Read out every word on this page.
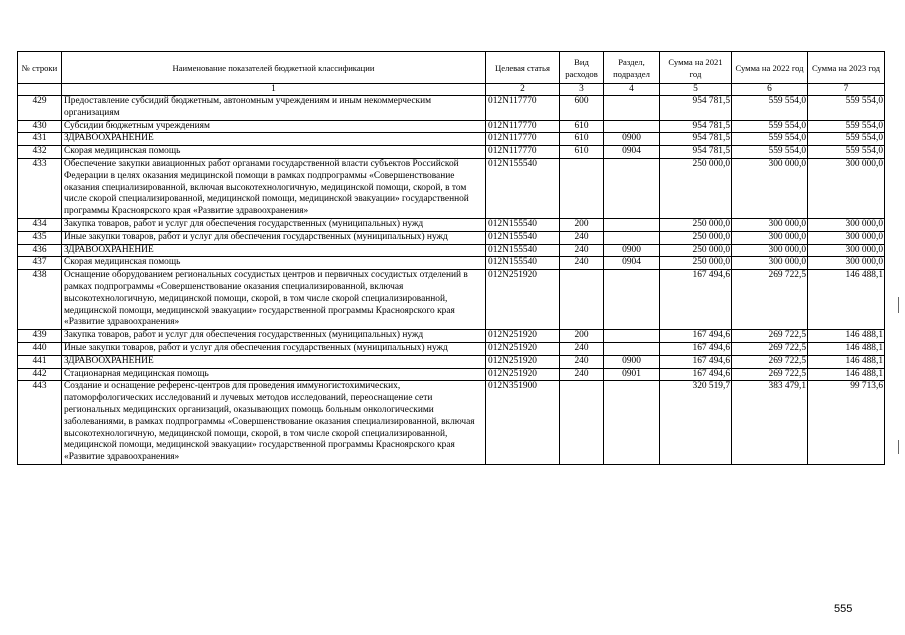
№ строки	Наименование показателей бюджетной классификации	Целевая статья	Вид расходов	Раздел, подраздел	Сумма на 2021 год	Сумма на 2022 год	Сумма на 2023 год
	1	2	3	4	5	6	7
429	Предоставление субсидий бюджетным, автономным учреждениям и иным некоммерческим организациям	012N117770	600		954 781,5	559 554,0	559 554,0
430	Субсидии бюджетным учреждениям	012N117770	610		954 781,5	559 554,0	559 554,0
431	ЗДРАВООХРАНЕНИЕ	012N117770	610	0900	954 781,5	559 554,0	559 554,0
432	Скорая медицинская помощь	012N117770	610	0904	954 781,5	559 554,0	559 554,0
433	Обеспечение закупки авиационных работ органами государственной власти субъектов Российской Федерации в целях оказания медицинской помощи в рамках подпрограммы «Совершенствование оказания специализированной, включая высокотехнологичную, медицинской помощи, скорой, в том числе скорой специализированной, медицинской помощи, медицинской эвакуации» государственной программы Красноярского края «Развитие здравоохранения»	012N155540			250 000,0	300 000,0	300 000,0
434	Закупка товаров, работ и услуг для обеспечения государственных (муниципальных) нужд	012N155540	200		250 000,0	300 000,0	300 000,0
435	Иные закупки товаров, работ и услуг для обеспечения государственных (муниципальных) нужд	012N155540	240		250 000,0	300 000,0	300 000,0
436	ЗДРАВООХРАНЕНИЕ	012N155540	240	0900	250 000,0	300 000,0	300 000,0
437	Скорая медицинская помощь	012N155540	240	0904	250 000,0	300 000,0	300 000,0
438	Оснащение оборудованием региональных сосудистых центров и первичных сосудистых отделений в рамках подпрограммы «Совершенствование оказания специализированной, включая высокотехнологичную, медицинской помощи, скорой, в том числе скорой специализированной, медицинской помощи, медицинской эвакуации» государственной программы Красноярского края «Развитие здравоохранения»	012N251920			167 494,6	269 722,5	146 488,1
439	Закупка товаров, работ и услуг для обеспечения государственных (муниципальных) нужд	012N251920	200		167 494,6	269 722,5	146 488,1
440	Иные закупки товаров, работ и услуг для обеспечения государственных (муниципальных) нужд	012N251920	240		167 494,6	269 722,5	146 488,1
441	ЗДРАВООХРАНЕНИЕ	012N251920	240	0900	167 494,6	269 722,5	146 488,1
442	Стационарная медицинская помощь	012N251920	240	0901	167 494,6	269 722,5	146 488,1
443	Создание и оснащение референс-центров для проведения иммуногистохимических, патоморфологических исследований и лучевых методов исследований, переоснащение сети региональных медицинских организаций, оказывающих помощь больным онкологическими заболеваниями, в рамках подпрограммы «Совершенствование оказания специализированной, включая высокотехнологичную, медицинской помощи, скорой, в том числе скорой специализированной, медицинской помощи, медицинской эвакуации» государственной программы Красноярского края «Развитие здравоохранения»	012N351900			320 519,7	383 479,1	99 713,6
555
